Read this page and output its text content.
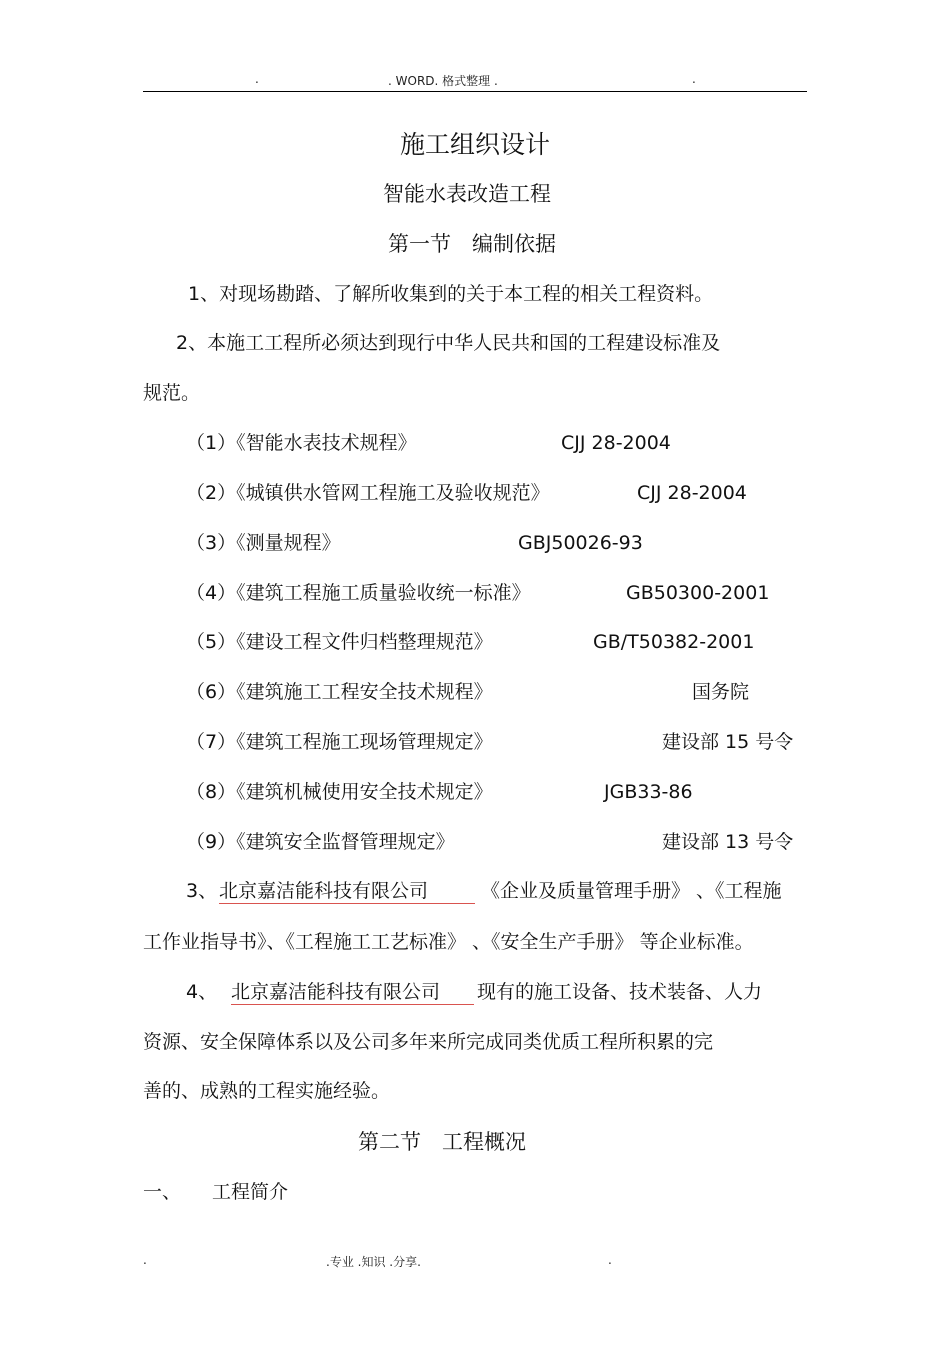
.	. WORD. 格式整理 .	.
施工组织设计
智能水表改造工程
第一节　编制依据
1、对现场勘踏、了解所收集到的关于本工程的相关工程资料。
2、本施工工程所必须达到现行中华人民共和国的工程建设标准及
规范。
（1）《智能水表技术规程》	CJJ 28-2004
（2）《城镇供水管网工程施工及验收规范》	CJJ 28-2004
（3）《测量规程》	GBJ50026-93
（4）《建筑工程施工质量验收统一标准》	GB50300-2001
（5）《建设工程文件归档整理规范》	GB/T50382-2001
（6）《建筑施工工程安全技术规程》	国务院
（7）《建筑工程施工现场管理规定》	建设部 15 号令
（8）《建筑机械使用安全技术规定》	JGB33-86
（9）《建筑安全监督管理规定》	建设部 13 号令
3、 北京嘉洁能科技有限公司	《企业及质量管理手册》 、《工程施
工作业指导书》、《工程施工工艺标准》 、《安全生产手册》 等企业标准。
4、 北京嘉洁能科技有限公司 现有的施工设备、技术装备、人力
资源、安全保障体系以及公司多年来所完成同类优质工程所积累的完
善的、成熟的工程实施经验。
第二节　工程概况
一、 工程简介
.	.专业 .知识 .分享.	.
